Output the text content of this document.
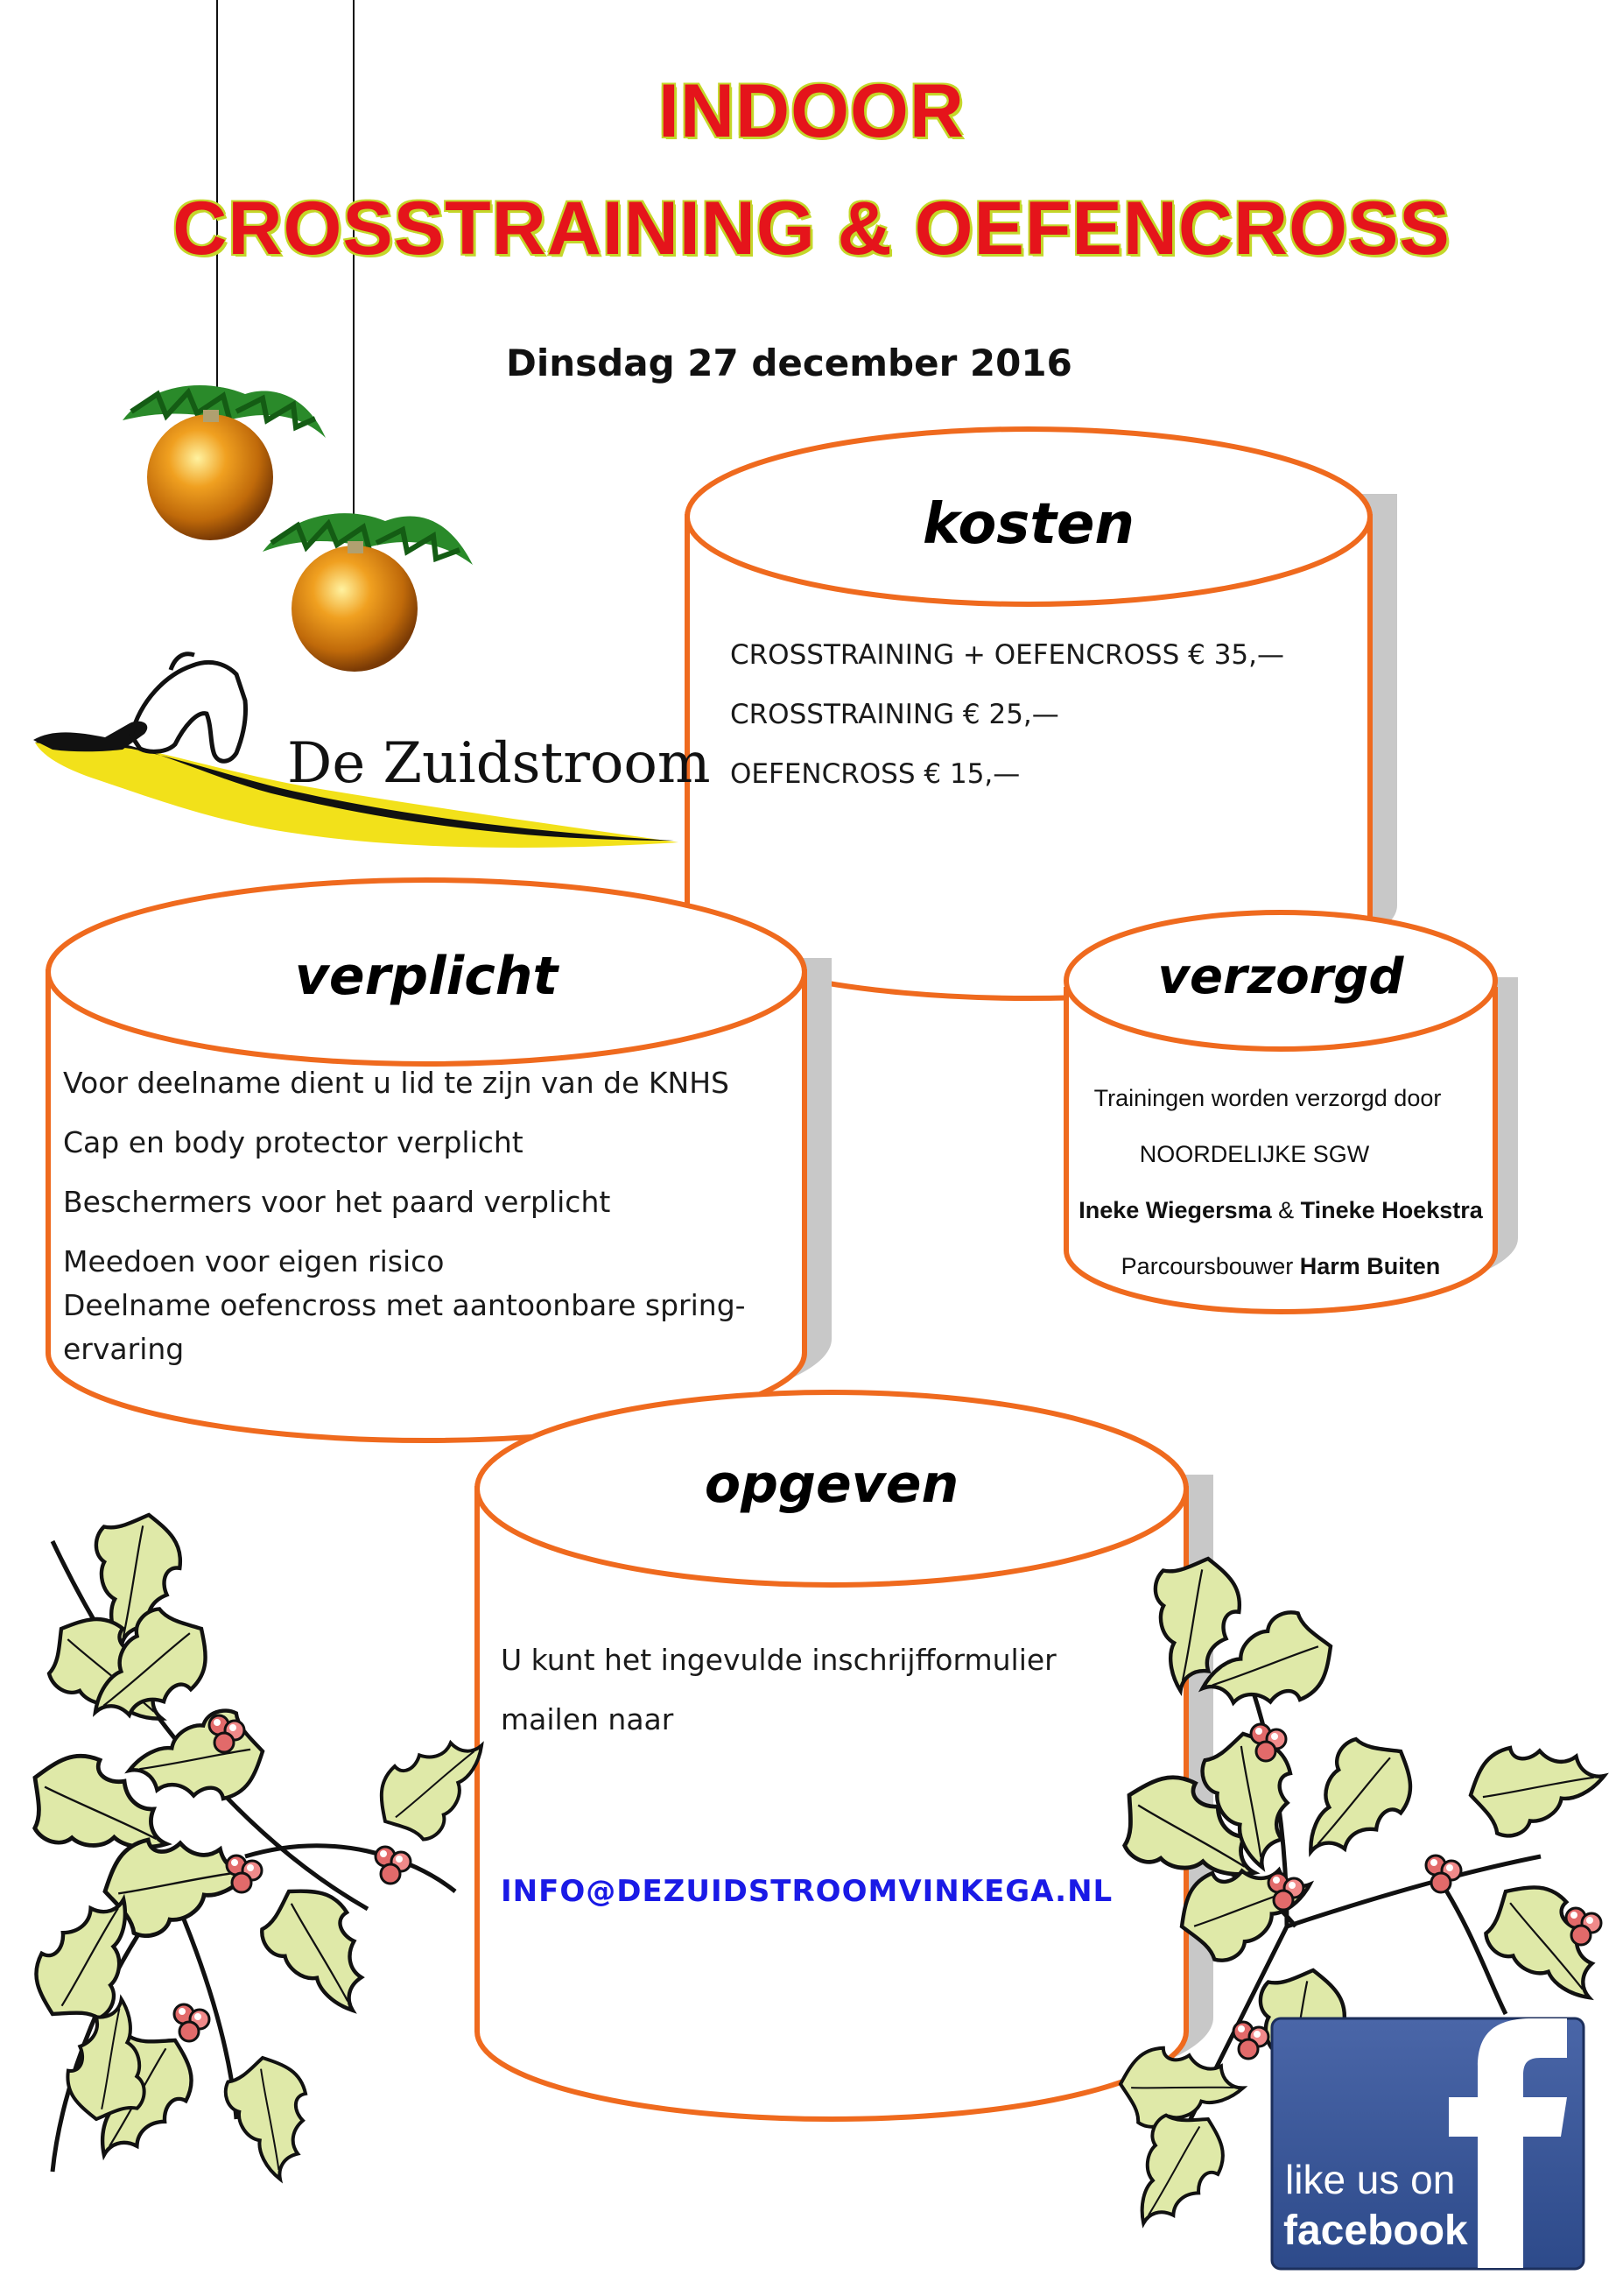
INDOOR
CROSSTRAINING & OEFENCROSS
Dinsdag 27 december 2016
De Zuidstroom
kosten
CROSSTRAINING + OEFENCROSS € 35,—
CROSSTRAINING € 25,—
OEFENCROSS € 15,—
verplicht
Voor deelname dient u lid te zijn van de KNHS
Cap en body protector verplicht
Beschermers voor het paard verplicht
Meedoen voor eigen risico
Deelname oefencross met aantoonbare spring-
ervaring
verzorgd
Trainingen worden verzorgd door
NOORDELIJKE SGW
Ineke Wiegersma & Tineke Hoekstra
Parcoursbouwer Harm Buiten
opgeven
U kunt het ingevulde inschrijfformulier
mailen naar
INFO@DEZUIDSTROOMVINKEGA.NL
like us on
facebook
